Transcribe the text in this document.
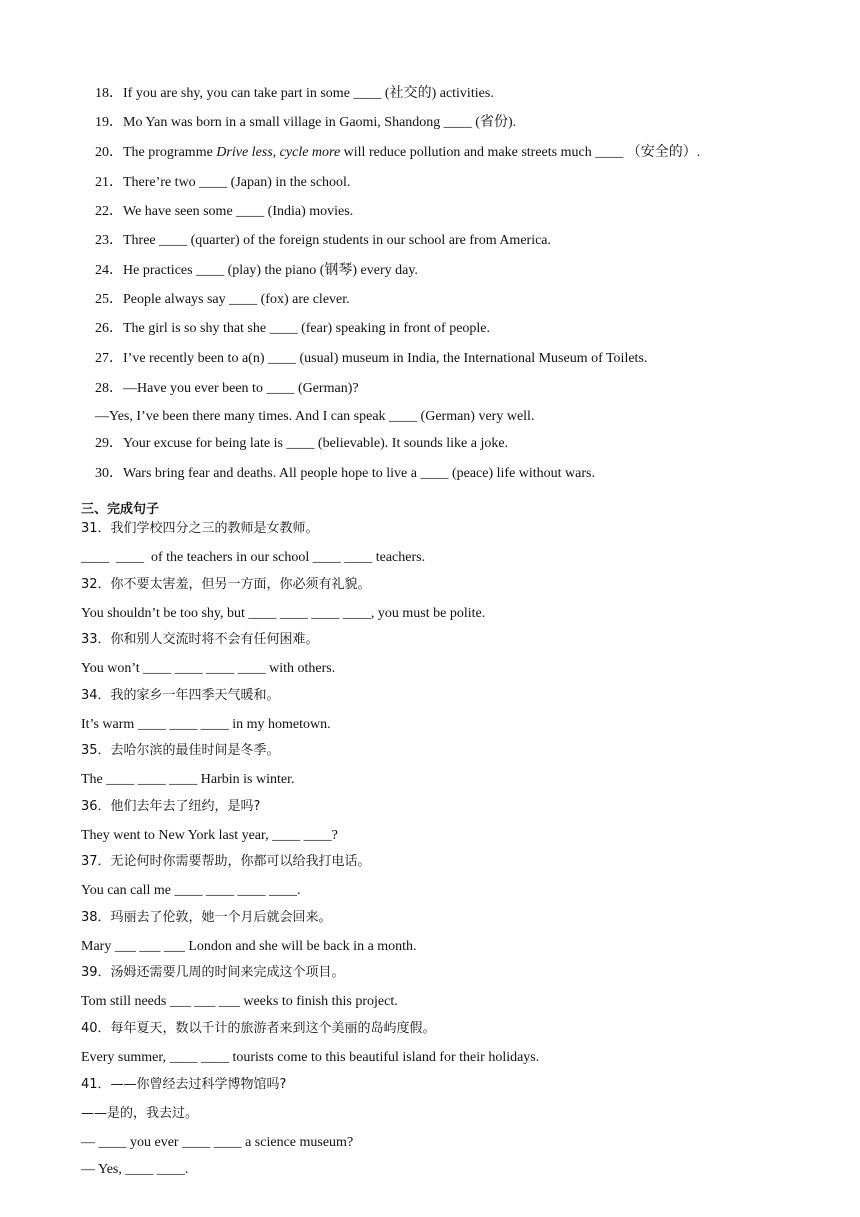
18．If you are shy, you can take part in some ____ (社交的) activities.

19．Mo Yan was born in a small village in Gaomi, Shandong ____ (省份).

20．The programme Drive less, cycle more will reduce pollution and make streets much ____ （安全的）.

21．There’re two ____ (Japan) in the school.

22．We have seen some ____ (India) movies.

23．Three ____ (quarter) of the foreign students in our school are from America.

24．He practices ____ (play) the piano (钢琴) every day.

25．People always say ____ (fox) are clever.

26．The girl is so shy that she ____ (fear) speaking in front of people.

27．I’ve recently been to a(n) ____ (usual) museum in India, the International Museum of Toilets.

28．—Have you ever been to ____ (German)?

—Yes, I’ve been there many times. And I can speak ____ (German) very well.

29．Your excuse for being late is ____ (believable). It sounds like a joke.

30．Wars bring fear and deaths. All people hope to live a ____ (peace) life without wars.

三、完成句子
31．我们学校四分之三的教师是女教师。
____  ____  of the teachers in our school ____ ____ teachers.
32．你不要太害羞，但另一方面，你必须有礼貌。
You shouldn’t be too shy, but ____ ____ ____ ____, you must be polite.
33．你和别人交流时将不会有任何困难。
You won’t ____ ____ ____ ____ with others.
34．我的家乡一年四季天气暖和。
It’s warm ____ ____ ____ in my hometown.
35．去哈尔滨的最佳时间是冬季。
The ____ ____ ____ Harbin is winter.
36．他们去年去了纽约，是吗?
They went to New York last year, ____ ____?
37．无论何时你需要帮助，你都可以给我打电话。
You can call me ____ ____ ____ ____.
38．玛丽去了伦敦，她一个月后就会回来。
Mary ___ ___ ___ London and she will be back in a month.
39．汤姆还需要几周的时间来完成这个项目。
Tom still needs ___ ___ ___ weeks to finish this project.
40．每年夏天，数以千计的旅游者来到这个美丽的岛屿度假。
Every summer, ____ ____ tourists come to this beautiful island for their holidays.
41．——你曾经去过科学博物馆吗?
——是的，我去过。
— ____ you ever ____ ____ a science museum?
— Yes, ____ ____.
